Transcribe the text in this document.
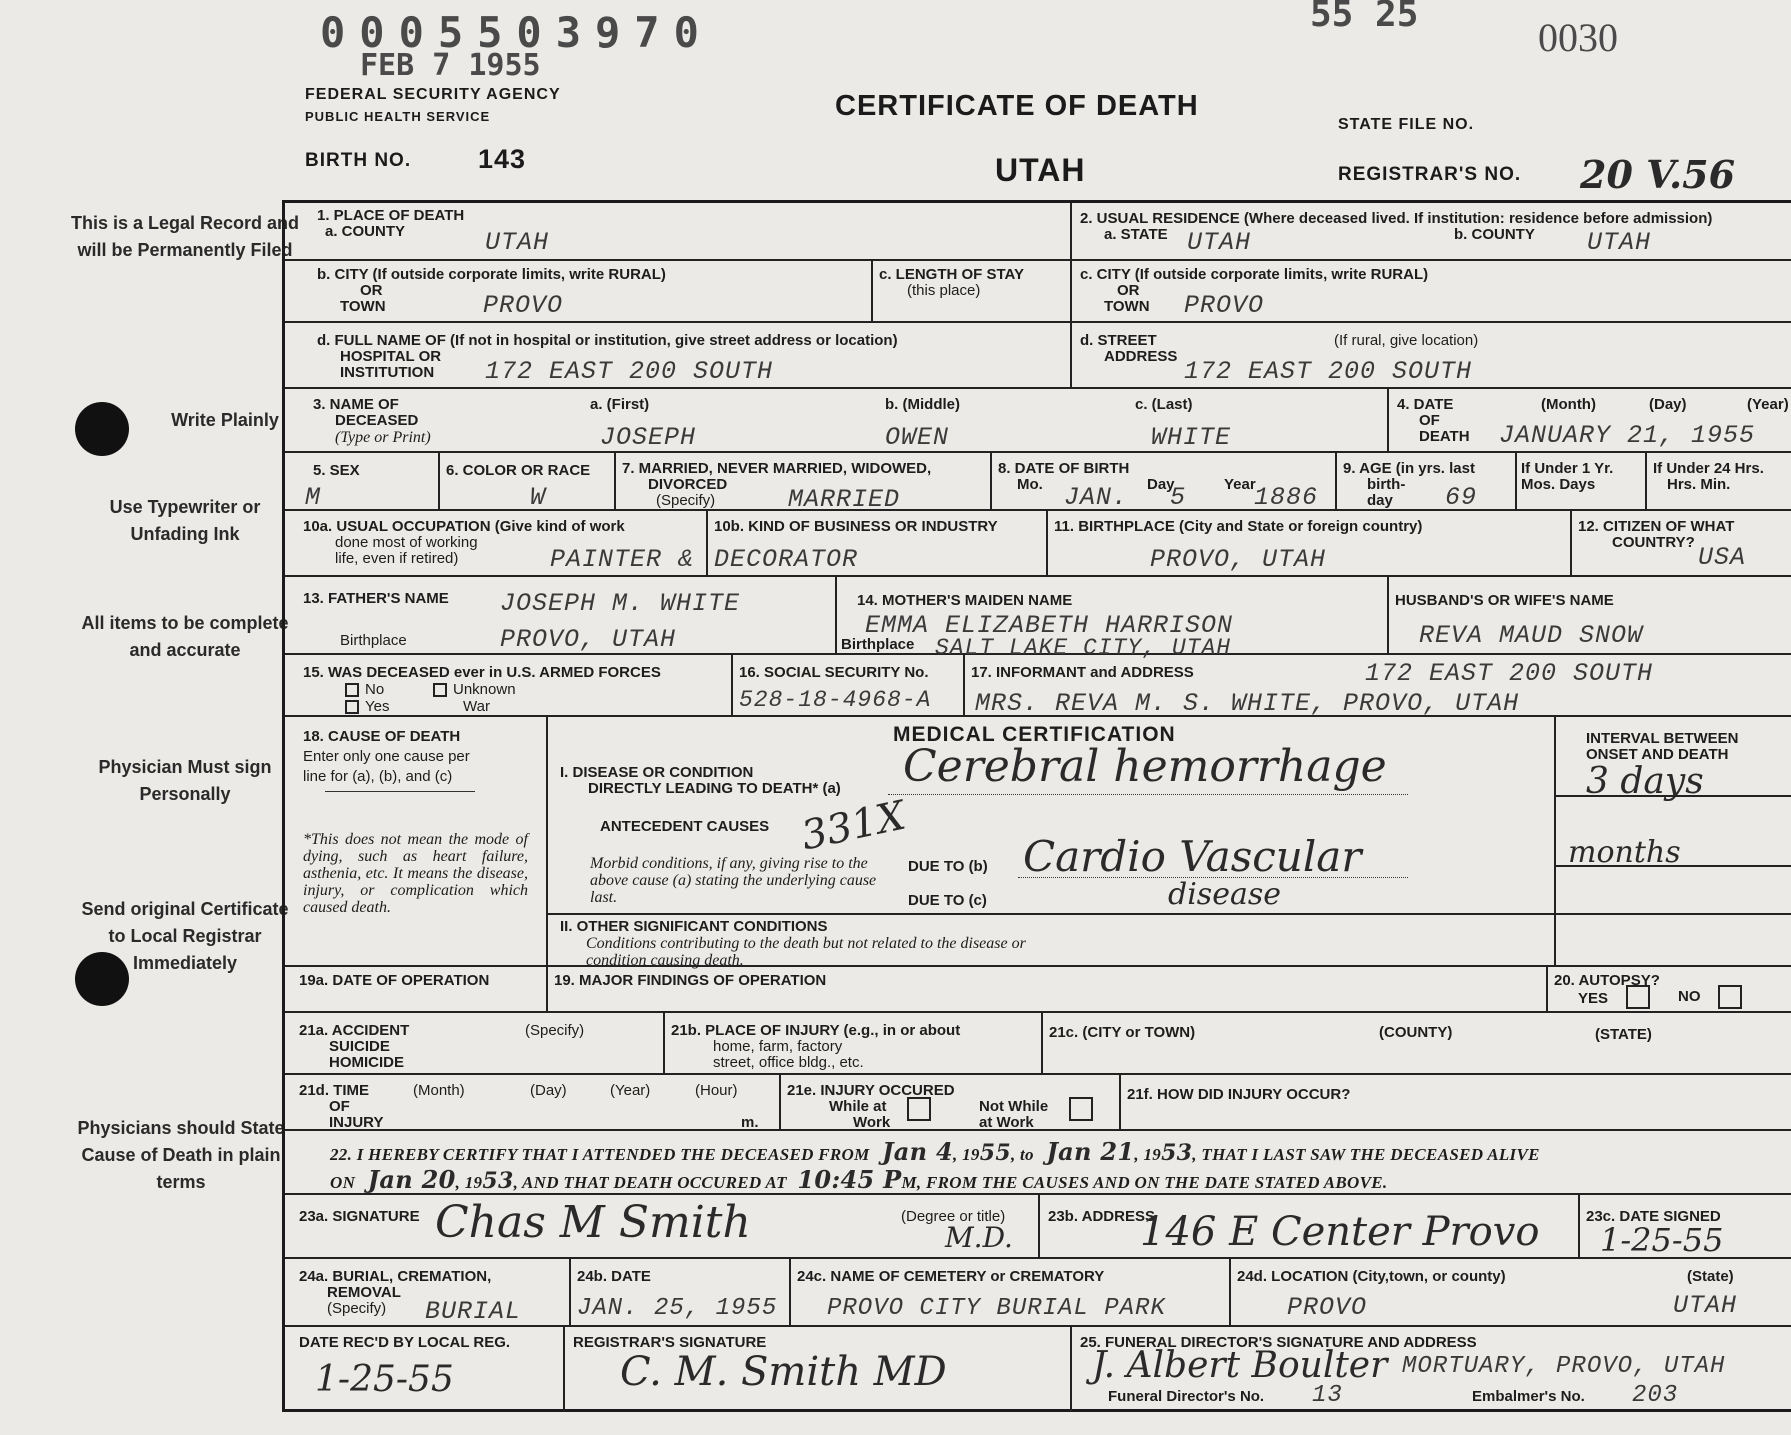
0005503970
FEB 7 1955
55 25
0030
FEDERAL SECURITY AGENCY
PUBLIC HEALTH SERVICE	CERTIFICATE OF DEATH
UTAH
BIRTH NO. 143
STATE FILE NO.
REGISTRAR'S NO. 20 V.56
This is a Legal Record and will be Permanently Filed
Write Plainly
Use Typewriter or Unfading Ink
All items to be complete and accurate
Physician Must sign Personally
Send original Certificate to Local Registrar Immediately
Physicians should State Cause of Death in plain terms
1. PLACE OF DEATH
a. COUNTY	UTAH
2. USUAL RESIDENCE (Where deceased lived. If institution: residence before admission)
a. STATE UTAH	b. COUNTY UTAH
b. CITY (If outside corporate limits, write RURAL)
OR
TOWN	PROVO
c. LENGTH OF STAY
(this place)
c. CITY (If outside corporate limits, write RURAL)
OR
TOWN PROVO
d. FULL NAME OF (If not in hospital or institution, give street address or location)
HOSPITAL OR
INSTITUTION 172 EAST 200 SOUTH
d. STREET
ADDRESS
(If rural, give location)
172 EAST 200 SOUTH
3. NAME OF
DECEASED
(Type or Print)
a. (First)	b. (Middle)	c. (Last)
JOSEPH	OWEN	WHITE
4. DATE
OF
DEATH
(Month)	(Day)	(Year)
JANUARY 21, 1955
5. SEX
M
6. COLOR OR RACE
W
7. MARRIED, NEVER MARRIED, WIDOWED,
DIVORCED
(Specify)	MARRIED
8. DATE OF BIRTH
Mo.	Day	Year
JAN. 5	1886
9. AGE (in yrs. last
birth-
day 69
If Under 1 Yr.
Mos. Days
If Under 24 Hrs.
Hrs. Min.
10a. USUAL OCCUPATION (Give kind of work
done most of working
life, even if retired)	PAINTER &
10b. KIND OF BUSINESS OR INDUSTRY
DECORATOR
11. BIRTHPLACE (City and State or foreign country)
PROVO, UTAH
12. CITIZEN OF WHAT
COUNTRY?
USA
13. FATHER'S NAME JOSEPH M. WHITE
Birthplace	PROVO, UTAH
14. MOTHER'S MAIDEN NAME
EMMA ELIZABETH HARRISON
Birthplace SALT LAKE CITY, UTAH
HUSBAND'S OR WIFE'S NAME
REVA MAUD SNOW
15. WAS DECEASED ever in U.S. ARMED FORCES
No	Unknown
Yes	War
16. SOCIAL SECURITY No.
528-18-4968-A
17. INFORMANT and ADDRESS	172 EAST 200 SOUTH
MRS. REVA M. S. WHITE, PROVO, UTAH
18. CAUSE OF DEATH
Enter only one cause per
line for (a), (b), and (c)
*This does not mean the mode of dying, such as heart failure, asthenia, etc. It means the disease, injury, or complication which caused death.
MEDICAL CERTIFICATION
I. DISEASE OR CONDITION
DIRECTLY LEADING TO DEATH* (a) Cerebral hemorrhage
ANTECEDENT CAUSES 331X
Morbid conditions, if any, giving rise to the above cause (a) stating the underlying cause last.
DUE TO (b) Cardio Vascular
DUE TO (c)	disease
INTERVAL BETWEEN
ONSET AND DEATH
3 days
months
II. OTHER SIGNIFICANT CONDITIONS
Conditions contributing to the death but not related to the disease or condition causing death.
19a. DATE OF OPERATION	19. MAJOR FINDINGS OF OPERATION	20. AUTOPSY?
YES	NO
21a. ACCIDENT
SUICIDE
HOMICIDE
(Specify)	21b. PLACE OF INJURY (e.g., in or about
home, farm, factory
street, office bldg., etc.
21c. (CITY or TOWN)	(COUNTY)	(STATE)
21d. TIME
OF
INJURY
(Month)	(Day)	(Year)	(Hour)
m.
21e. INJURY OCCURED
While at
Work
Not While
at Work
21f. HOW DID INJURY OCCUR?
22. I HEREBY CERTIFY THAT I ATTENDED THE DECEASED FROM Jan 4, 1955, to Jan 21, 1953, THAT I LAST SAW THE DECEASED ALIVE
ON Jan 20, 1953, AND THAT DEATH OCCURED AT 10:45 PM, FROM THE CAUSES AND ON THE DATE STATED ABOVE.
23a. SIGNATURE Chas M Smith	(Degree or title)
M.D.
23b. ADDRESS
146 E Center Provo	23c. DATE SIGNED
1-25-55
24a. BURIAL, CREMATION,
REMOVAL
(Specify) BURIAL
24b. DATE
JAN. 25, 1955
24c. NAME OF CEMETERY or CREMATORY
PROVO CITY BURIAL PARK
24d. LOCATION (City,town, or county)	(State)
PROVO	UTAH
DATE REC'D BY LOCAL REG.
1-25-55
REGISTRAR'S SIGNATURE
C. M. Smith MD
25. FUNERAL DIRECTOR'S SIGNATURE AND ADDRESS
J. Albert Boulter MORTUARY, PROVO, UTAH
Funeral Director's No. 13	Embalmer's No. 203
